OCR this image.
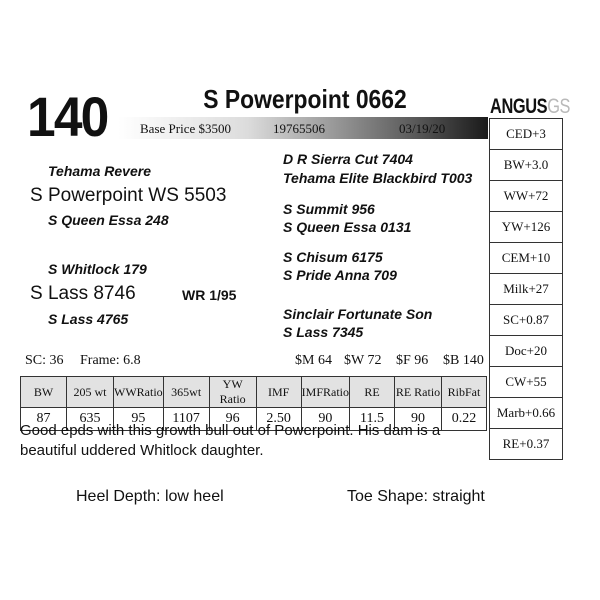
140	S Powerpoint 0662
Base Price $3500	19765506	03/19/20
ANGUSGS
Tehama Revere
S Powerpoint WS 5503
S Queen Essa 248
S Whitlock 179
S Lass 8746	WR 1/95
S Lass 4765
D R Sierra Cut 7404
Tehama Elite Blackbird T003
S Summit 956
S Queen Essa 0131
S Chisum 6175
S Pride Anna 709
Sinclair Fortunate Son
S Lass 7345
SC: 36 Frame: 6.8	$M 64 $W 72 $F 96 $B 140
BW	205 wt	WWRatio	365wt	YW Ratio	IMF	IMFRatio	RE	RE Ratio	RibFat
87	635	95	1107	96	2.50	90	11.5	90	0.22
CED+3
BW+3.0
WW+72
YW+126
CEM+10
Milk+27
SC+0.87
Doc+20
CW+55
Marb+0.66
RE+0.37
Good epds with this growth bull out of Powerpoint. His dam is a beautiful uddered Whitlock daughter.
Heel Depth: low heel	Toe Shape: straight
